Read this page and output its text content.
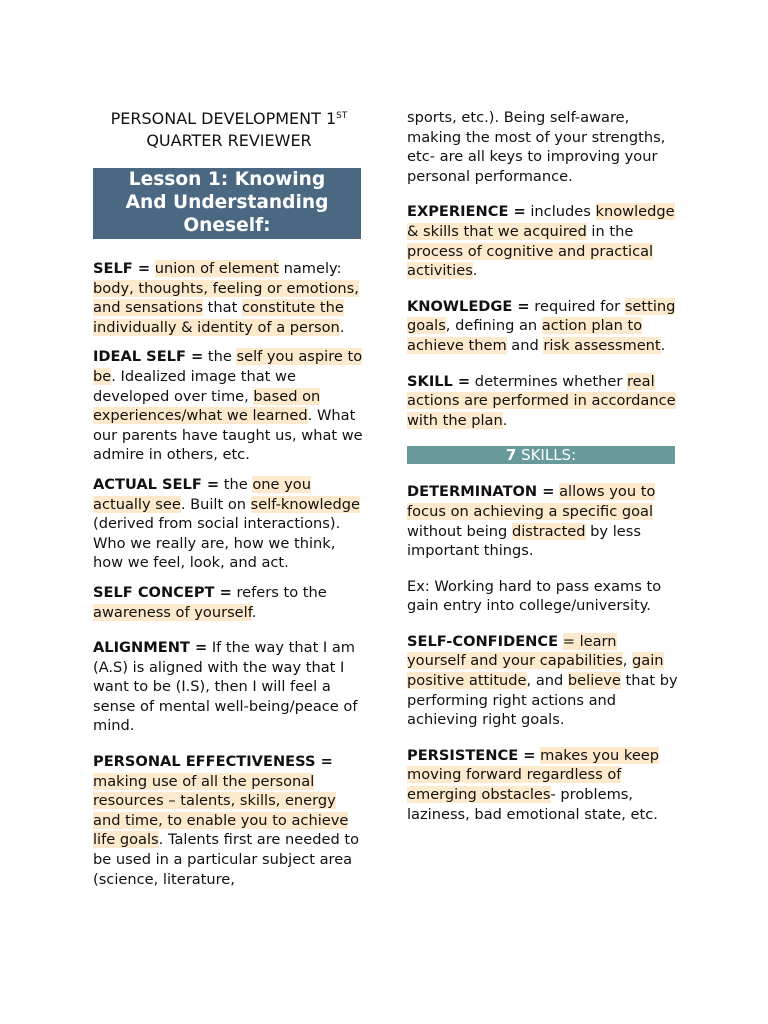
PERSONAL DEVELOPMENT 1ST
QUARTER REVIEWER
Lesson 1: Knowing
And Understanding
Oneself:

SELF = union of element namely: body, thoughts, feeling or emotions, and sensations that constitute the individually & identity of a person.

IDEAL SELF = the self you aspire to be. Idealized image that we developed over time, based on experiences/what we learned. What our parents have taught us, what we admire in others, etc.

ACTUAL SELF = the one you actually see. Built on self-knowledge (derived from social interactions). Who we really are, how we think, how we feel, look, and act.

SELF CONCEPT = refers to the awareness of yourself.

ALIGNMENT = If the way that I am (A.S) is aligned with the way that I want to be (I.S), then I will feel a sense of mental well-being/peace of mind.

PERSONAL EFFECTIVENESS = making use of all the personal resources – talents, skills, energy and time, to enable you to achieve life goals. Talents first are needed to be used in a particular subject area (science, literature,

sports, etc.). Being self-aware, making the most of your strengths, etc- are all keys to improving your personal performance.

EXPERIENCE = includes knowledge & skills that we acquired in the process of cognitive and practical activities.

KNOWLEDGE = required for setting goals, defining an action plan to achieve them and risk assessment.

SKILL = determines whether real actions are performed in accordance with the plan.

7 SKILLS:

DETERMINATON = allows you to focus on achieving a specific goal without being distracted by less important things.

Ex: Working hard to pass exams to gain entry into college/university.

SELF-CONFIDENCE = learn yourself and your capabilities, gain positive attitude, and believe that by performing right actions and achieving right goals.

PERSISTENCE = makes you keep moving forward regardless of emerging obstacles- problems, laziness, bad emotional state, etc.
